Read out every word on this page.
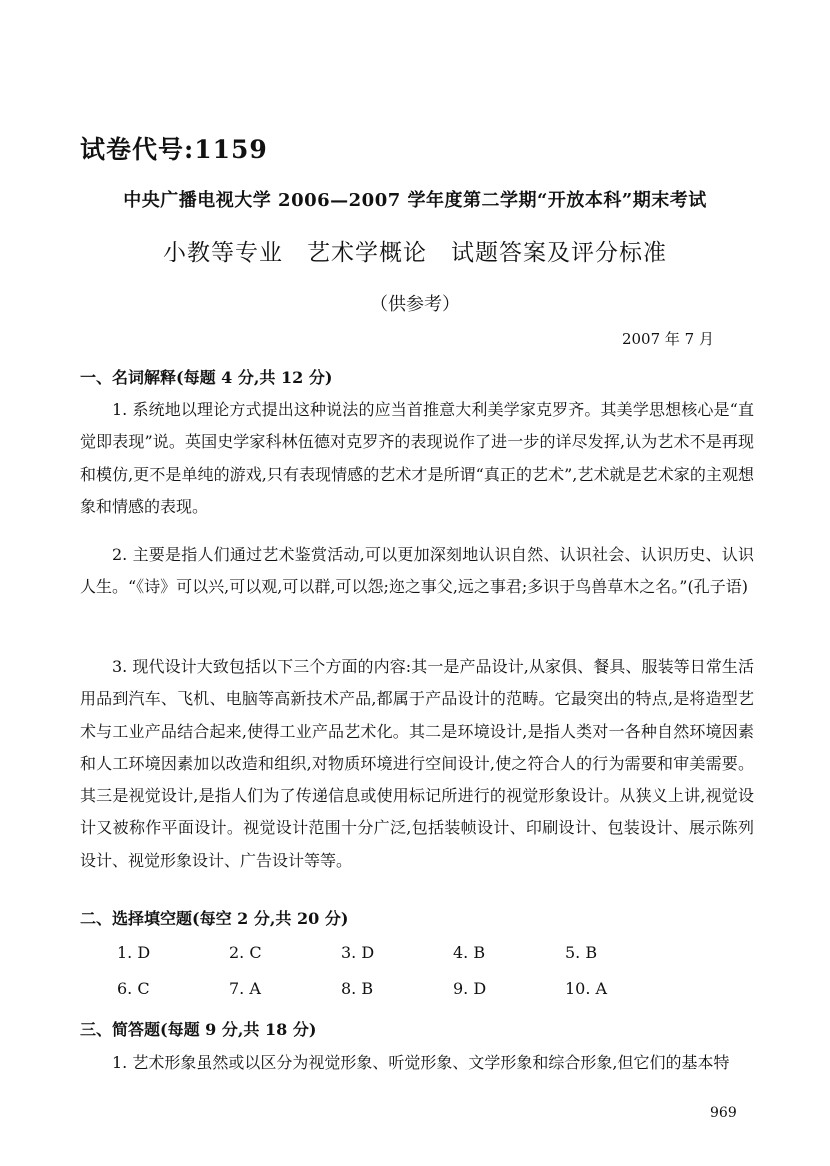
试卷代号:1159
中央广播电视大学 2006—2007 学年度第二学期“开放本科”期末考试
小教等专业　艺术学概论　试题答案及评分标准
（供参考）
2007 年 7 月
一、名词解释(每题 4 分,共 12 分)

1. 系统地以理论方式提出这种说法的应当首推意大利美学家克罗齐。其美学思想核心是“直觉即表现”说。英国史学家科林伍德对克罗齐的表现说作了进一步的详尽发挥,认为艺术不是再现和模仿,更不是单纯的游戏,只有表现情感的艺术才是所谓“真正的艺术”,艺术就是艺术家的主观想象和情感的表现。

2. 主要是指人们通过艺术鉴赏活动,可以更加深刻地认识自然、认识社会、认识历史、认识人生。“《诗》可以兴,可以观,可以群,可以怨;迩之事父,远之事君;多识于鸟兽草木之名。”(孔子语)

3. 现代设计大致包括以下三个方面的内容:其一是产品设计,从家俱、餐具、服装等日常生活用品到汽车、飞机、电脑等高新技术产品,都属于产品设计的范畴。它最突出的特点,是将造型艺术与工业产品结合起来,使得工业产品艺术化。其二是环境设计,是指人类对一各种自然环境因素和人工环境因素加以改造和组织,对物质环境进行空间设计,使之符合人的行为需要和审美需要。其三是视觉设计,是指人们为了传递信息或使用标记所进行的视觉形象设计。从狭义上讲,视觉设计又被称作平面设计。视觉设计范围十分广泛,包括装帧设计、印刷设计、包装设计、展示陈列设计、视觉形象设计、广告设计等等。

二、选择填空题(每空 2 分,共 20 分)
1. D	2. C	3. D	4. B	5. B
6. C	7. A	8. B	9. D	10. A
三、简答题(每题 9 分,共 18 分)

1. 艺术形象虽然或以区分为视觉形象、听觉形象、文学形象和综合形象,但它们的基本特

969
